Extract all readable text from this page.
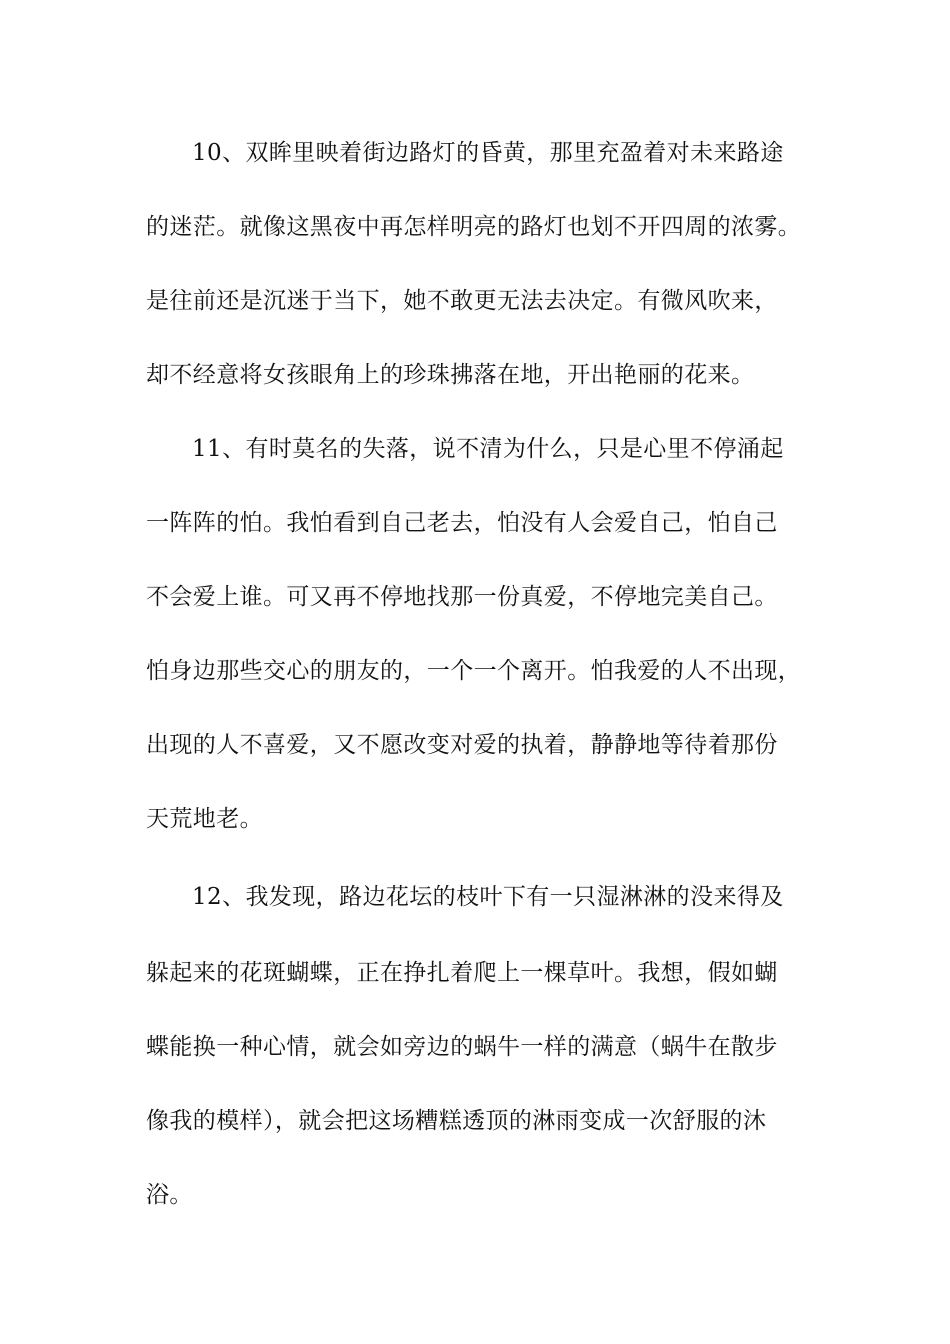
10、双眸里映着街边路灯的昏黄，那里充盈着对未来路途
的迷茫。就像这黑夜中再怎样明亮的路灯也划不开四周的浓雾。
是往前还是沉迷于当下，她不敢更无法去决定。有微风吹来，
却不经意将女孩眼角上的珍珠拂落在地，开出艳丽的花来。
11、有时莫名的失落，说不清为什么，只是心里不停涌起
一阵阵的怕。我怕看到自己老去，怕没有人会爱自己，怕自己
不会爱上谁。可又再不停地找那一份真爱，不停地完美自己。
怕身边那些交心的朋友的，一个一个离开。怕我爱的人不出现，
出现的人不喜爱，又不愿改变对爱的执着，静静地等待着那份
天荒地老。
12、我发现，路边花坛的枝叶下有一只湿淋淋的没来得及
躲起来的花斑蝴蝶，正在挣扎着爬上一棵草叶。我想，假如蝴
蝶能换一种心情，就会如旁边的蜗牛一样的满意（蜗牛在散步
像我的模样），就会把这场糟糕透顶的淋雨变成一次舒服的沐
浴。
